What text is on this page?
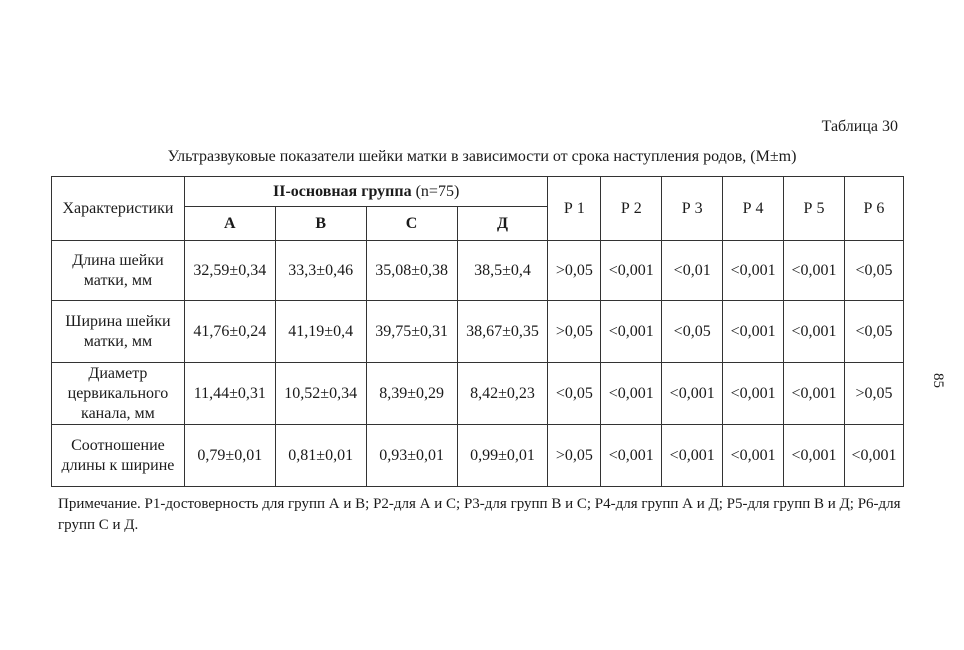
Таблица 30
Ультразвуковые показатели шейки матки в зависимости от срока наступления родов, (M±m)
Характеристики	II-основная группа (n=75)				Р 1	Р 2	Р 3	Р 4	Р 5	Р 6
	А	В	С	Д						
Длина шейки матки, мм	32,59±0,34	33,3±0,46	35,08±0,38	38,5±0,4	>0,05	<0,001	<0,01	<0,001	<0,001	<0,05
Ширина шейки матки, мм	41,76±0,24	41,19±0,4	39,75±0,31	38,67±0,35	>0,05	<0,001	<0,05	<0,001	<0,001	<0,05
Диаметр цервикального канала, мм	11,44±0,31	10,52±0,34	8,39±0,29	8,42±0,23	<0,05	<0,001	<0,001	<0,001	<0,001	>0,05
Соотношение длины к ширине	0,79±0,01	0,81±0,01	0,93±0,01	0,99±0,01	>0,05	<0,001	<0,001	<0,001	<0,001	<0,001
Примечание. Р1-достоверность для групп А и В; Р2-для А и С; Р3-для групп В и С; Р4-для групп А и Д; Р5-для групп В и Д; Р6-для групп С и Д.
85
